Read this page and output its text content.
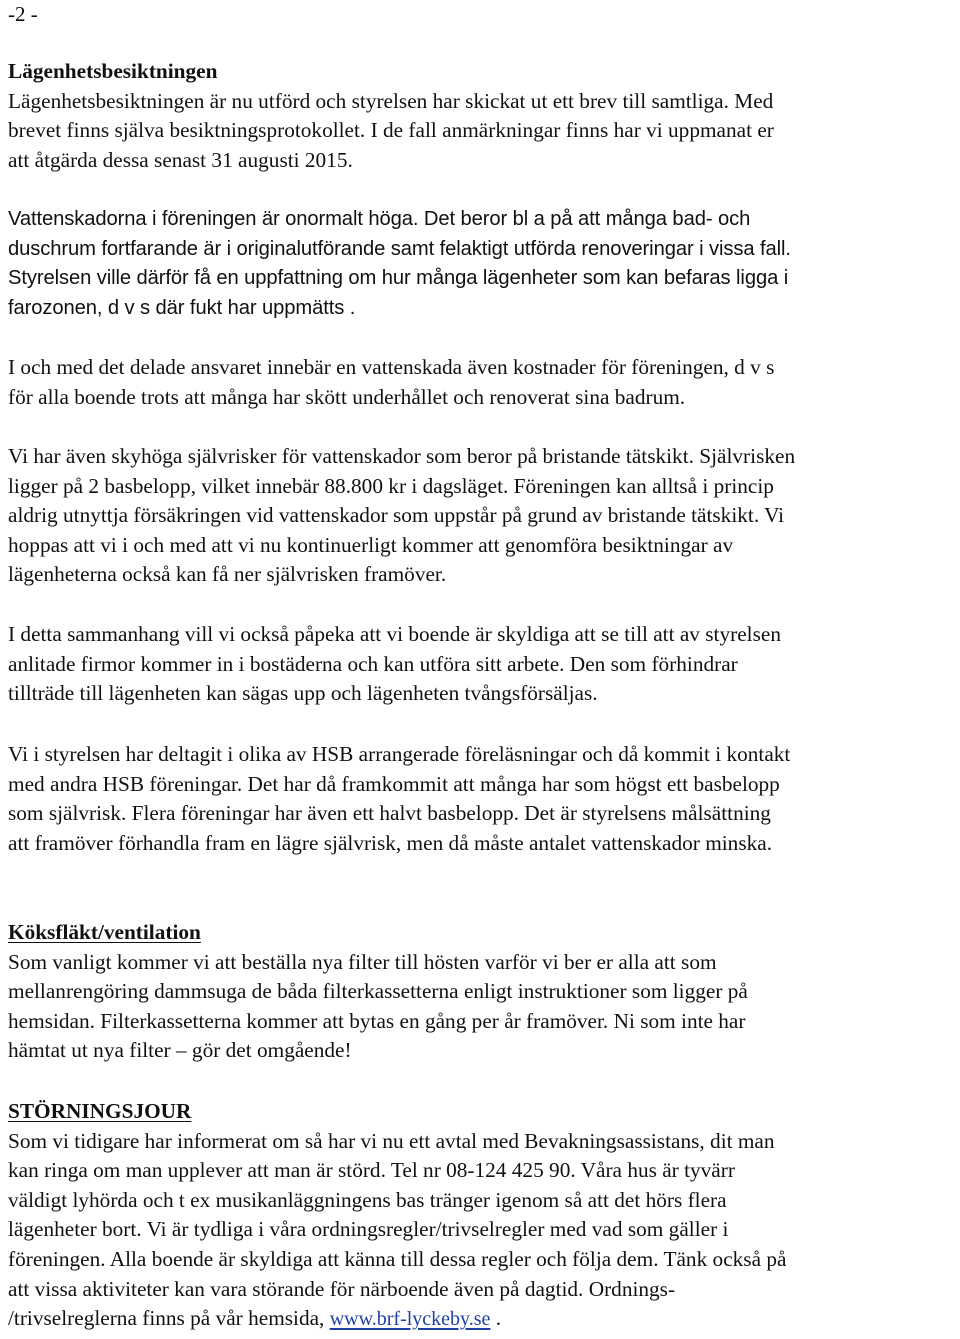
-2 -

Lägenhetsbesiktningen
Lägenhetsbesiktningen är nu utförd och styrelsen har skickat ut ett brev till samtliga. Med
brevet finns själva besiktningsprotokollet. I de fall anmärkningar finns har vi uppmanat er
att åtgärda dessa senast 31 augusti 2015.
Vattenskadorna i föreningen är onormalt höga. Det beror bl a på att många bad- och
duschrum fortfarande är i originalutförande samt felaktigt utförda renoveringar i vissa fall.
Styrelsen ville därför få en uppfattning om hur många lägenheter som kan befaras ligga i
farozonen, d v s där fukt har uppmätts .
I och med det delade ansvaret innebär en vattenskada även kostnader för föreningen, d v s
för alla boende trots att många har skött underhållet och renoverat sina badrum.
Vi har även skyhöga självrisker för vattenskador som beror på bristande tätskikt. Självrisken
ligger på 2 basbelopp, vilket innebär 88.800 kr i dagsläget. Föreningen kan alltså i princip
aldrig utnyttja försäkringen vid vattenskador som uppstår på grund av bristande tätskikt. Vi
hoppas att vi i och med att vi nu kontinuerligt kommer att genomföra besiktningar av
lägenheterna också kan få ner självrisken framöver.
I detta sammanhang vill vi också påpeka att vi boende är skyldiga att se till att av styrelsen
anlitade firmor kommer in i bostäderna och kan utföra sitt arbete. Den som förhindrar
tillträde till lägenheten kan sägas upp och lägenheten tvångsförsäljas.
Vi i styrelsen har deltagit i olika av HSB arrangerade föreläsningar och då kommit i kontakt
med andra HSB föreningar. Det har då framkommit att många har som högst ett basbelopp
som självrisk. Flera föreningar har även ett halvt basbelopp. Det är styrelsens målsättning
att framöver förhandla fram en lägre självrisk, men då måste antalet vattenskador minska.
Köksfläkt/ventilation
Som vanligt kommer vi att beställa nya filter till hösten varför vi ber er alla att som
mellanrengöring dammsuga de båda filterkassetterna enligt instruktioner som ligger på
hemsidan. Filterkassetterna kommer att bytas en gång per år framöver. Ni som inte har
hämtat ut nya filter – gör det omgående!
STÖRNINGSJOUR
Som vi tidigare har informerat om så har vi nu ett avtal med Bevakningsassistans, dit man
kan ringa om man upplever att man är störd. Tel nr 08-124 425 90. Våra hus är tyvärr
väldigt lyhörda och t ex musikanläggningens bas tränger igenom så att det hörs flera
lägenheter bort. Vi är tydliga i våra ordningsregler/trivselregler med vad som gäller i
föreningen. Alla boende är skyldiga att känna till dessa regler och följa dem. Tänk också på
att vissa aktiviteter kan vara störande för närboende även på dagtid. Ordnings-
/trivselreglerna finns på vår hemsida, www.brf-lyckeby.se .
